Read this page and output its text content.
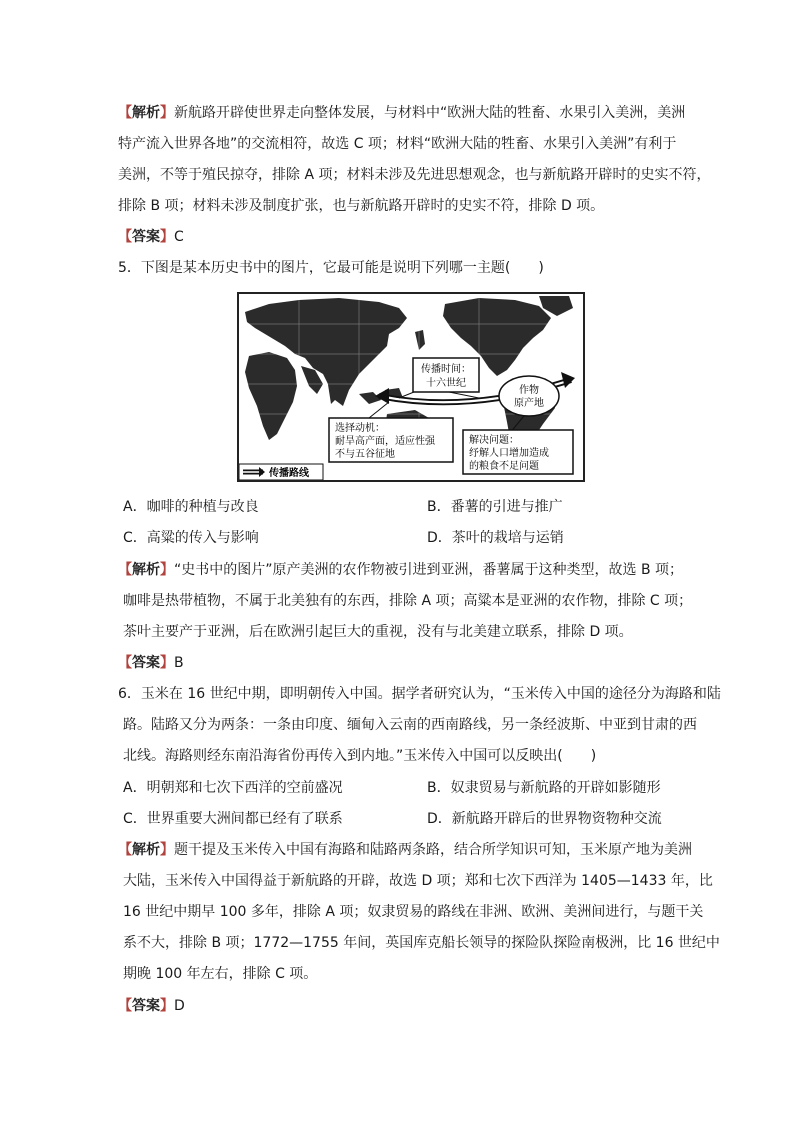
【解析】新航路开辟使世界走向整体发展，与材料中“欧洲大陆的牲畜、水果引入美洲，美洲
特产流入世界各地”的交流相符，故选 C 项；材料“欧洲大陆的牲畜、水果引入美洲”有利于
美洲，不等于殖民掠夺，排除 A 项；材料未涉及先进思想观念，也与新航路开辟时的史实不符，
排除 B 项；材料未涉及制度扩张，也与新航路开辟时的史实不符，排除 D 项。
【答案】C
5．下图是某本历史书中的图片，它最可能是说明下列哪一主题(　　)
传播时间：
十六世纪
作物
原产地
选择动机：
耐旱高产面，适应性强
不与五谷征地
解决问题：
纾解人口增加造成
的粮食不足问题
传播路线
A．咖啡的种植与改良	B．番薯的引进与推广
C．高粱的传入与影响	D．茶叶的栽培与运销
【解析】“史书中的图片”原产美洲的农作物被引进到亚洲，番薯属于这种类型，故选 B 项；
咖啡是热带植物，不属于北美独有的东西，排除 A 项；高粱本是亚洲的农作物，排除 C 项；
茶叶主要产于亚洲，后在欧洲引起巨大的重视，没有与北美建立联系，排除 D 项。
【答案】B
6．玉米在 16 世纪中期，即明朝传入中国。据学者研究认为，“玉米传入中国的途径分为海路和陆
路。陆路又分为两条：一条由印度、缅甸入云南的西南路线，另一条经波斯、中亚到甘肃的西
北线。海路则经东南沿海省份再传入到内地。”玉米传入中国可以反映出(　　)
A．明朝郑和七次下西洋的空前盛况	B．奴隶贸易与新航路的开辟如影随形
C．世界重要大洲间都已经有了联系	D．新航路开辟后的世界物资物种交流
【解析】题干提及玉米传入中国有海路和陆路两条路，结合所学知识可知，玉米原产地为美洲
大陆，玉米传入中国得益于新航路的开辟，故选 D 项；郑和七次下西洋为 1405—1433 年，比
16 世纪中期早 100 多年，排除 A 项；奴隶贸易的路线在非洲、欧洲、美洲间进行，与题干关
系不大，排除 B 项；1772—1755 年间，英国库克船长领导的探险队探险南极洲，比 16 世纪中
期晚 100 年左右，排除 C 项。
【答案】D
